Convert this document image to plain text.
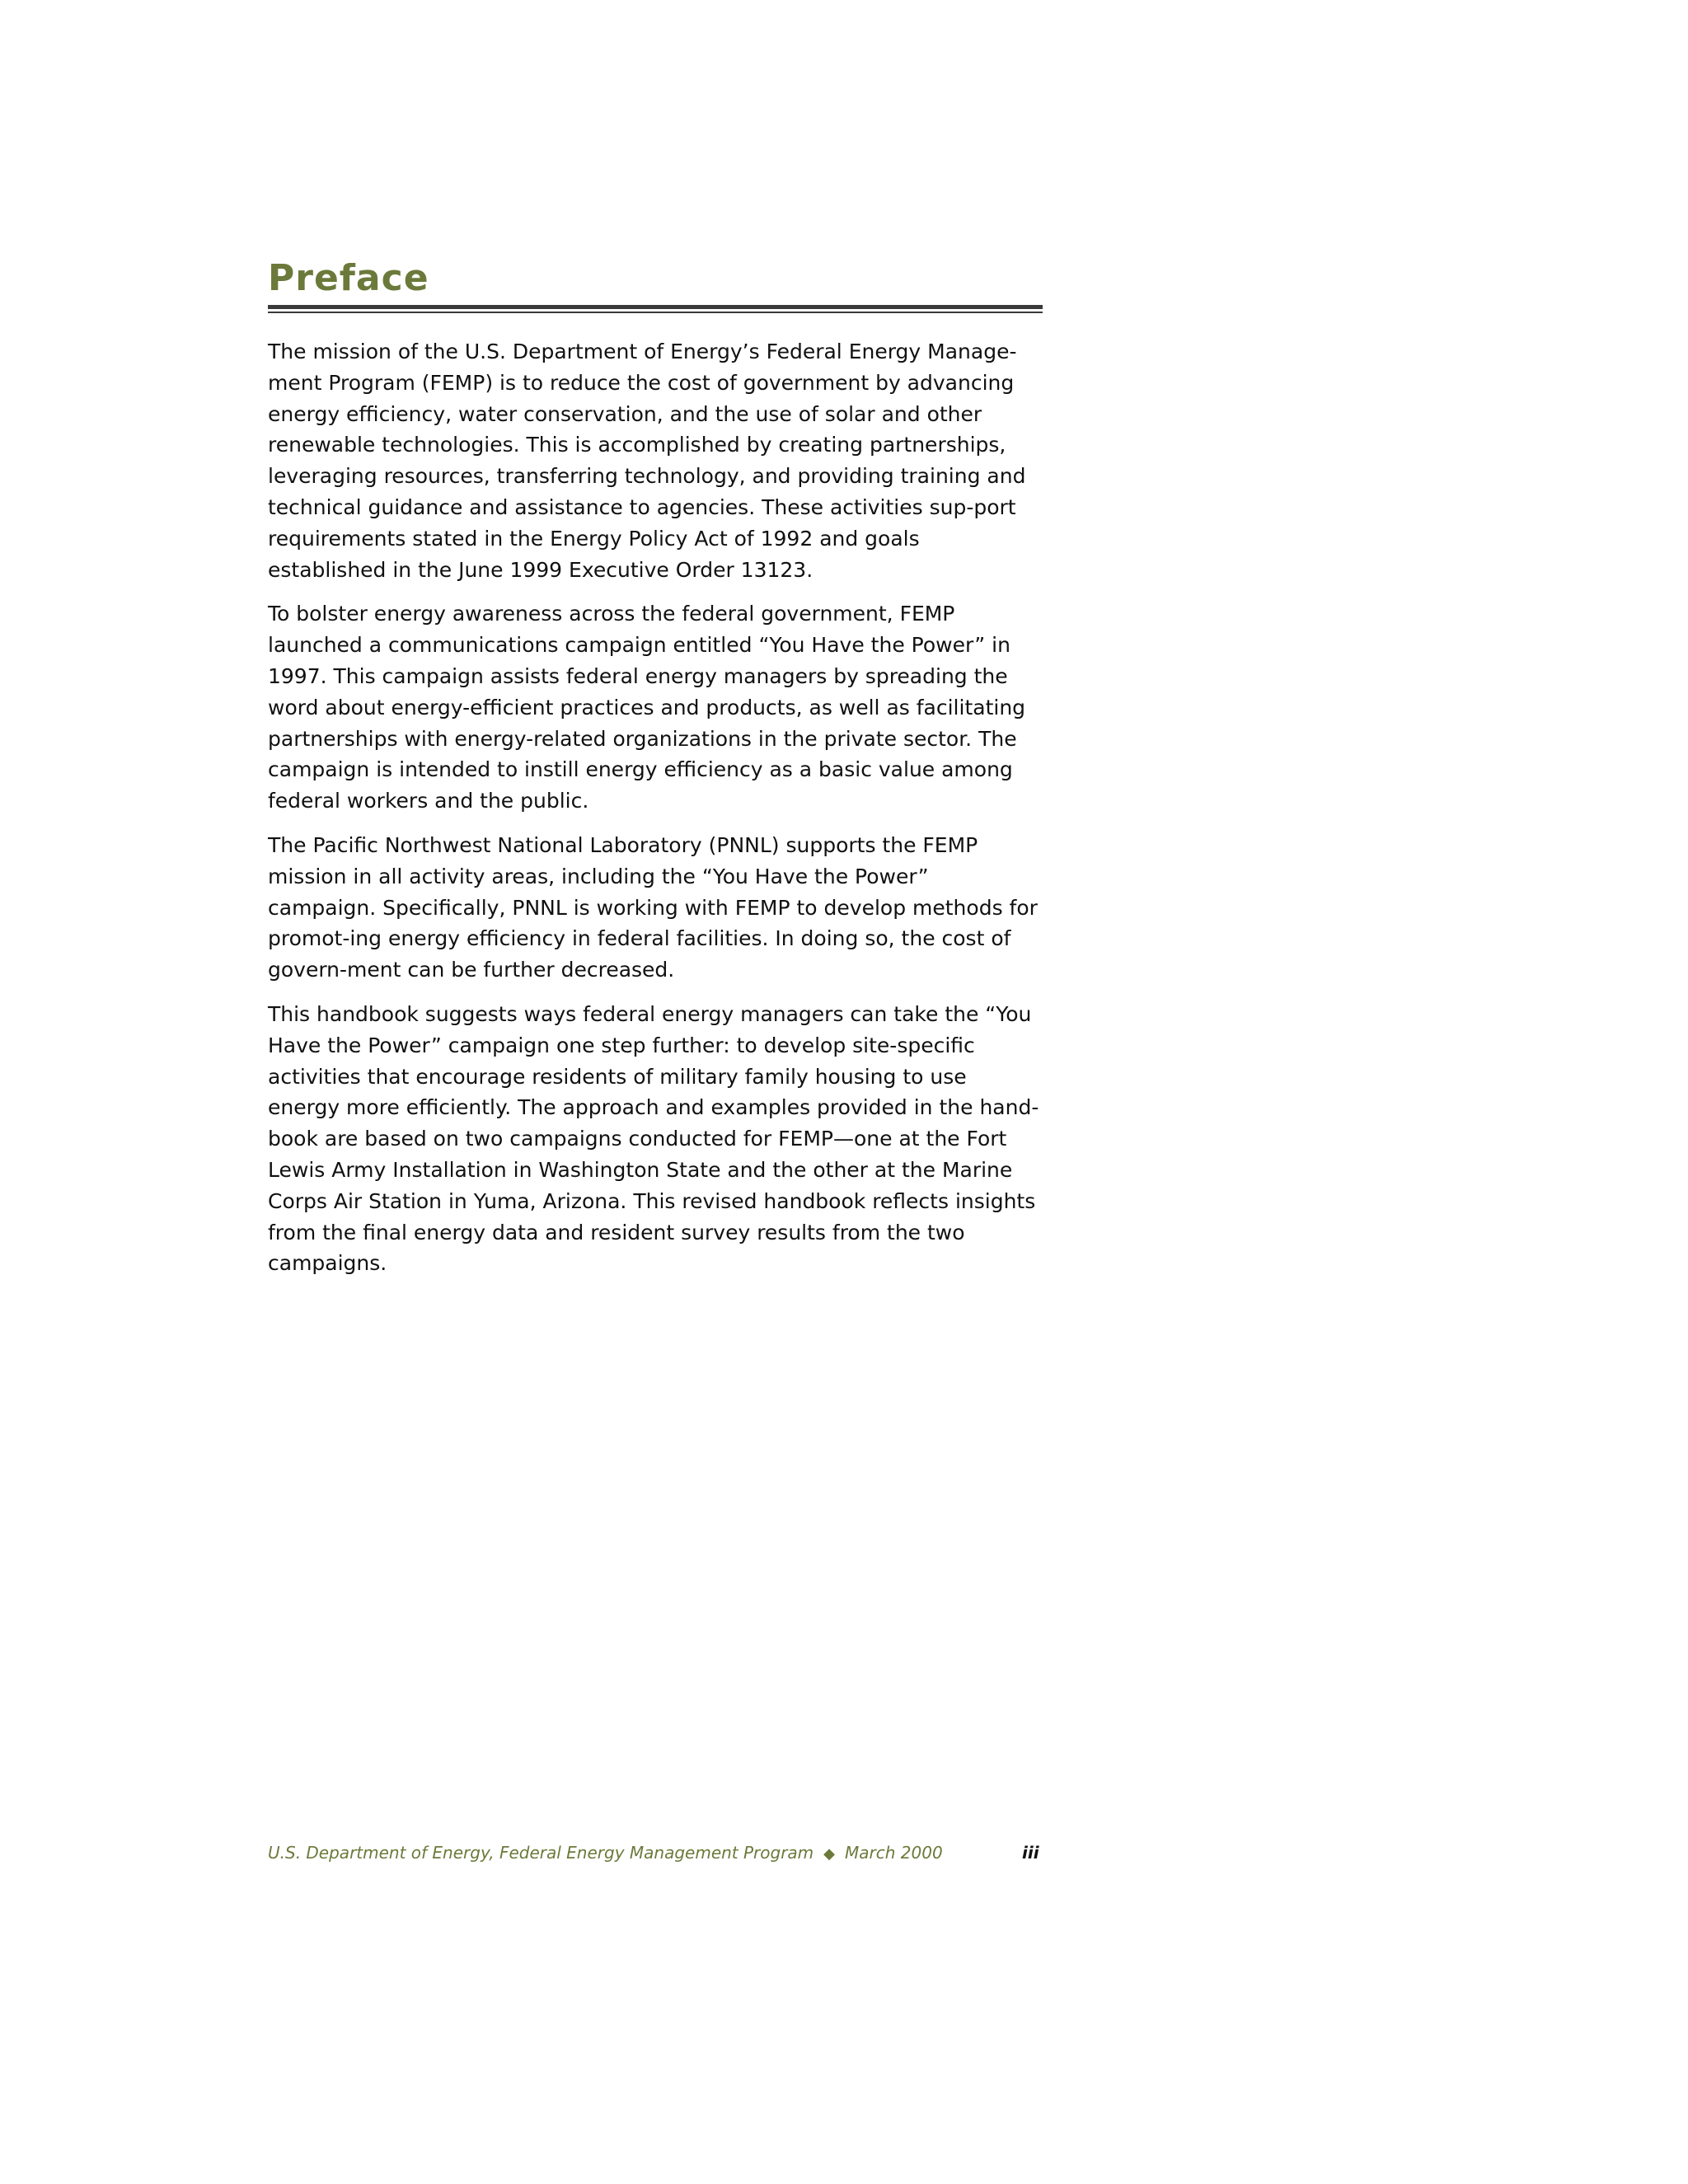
Preface

The mission of the U.S. Department of Energy’s Federal Energy Manage-ment Program (FEMP) is to reduce the cost of government by advancing energy efficiency, water conservation, and the use of solar and other renewable technologies. This is accomplished by creating partnerships, leveraging resources, transferring technology, and providing training and technical guidance and assistance to agencies. These activities sup-port requirements stated in the Energy Policy Act of 1992 and goals established in the June 1999 Executive Order 13123.

To bolster energy awareness across the federal government, FEMP launched a communications campaign entitled “You Have the Power” in 1997. This campaign assists federal energy managers by spreading the word about energy-efficient practices and products, as well as facilitating partnerships with energy-related organizations in the private sector. The campaign is intended to instill energy efficiency as a basic value among federal workers and the public.

The Pacific Northwest National Laboratory (PNNL) supports the FEMP mission in all activity areas, including the “You Have the Power” campaign. Specifically, PNNL is working with FEMP to develop methods for promot-ing energy efficiency in federal facilities. In doing so, the cost of govern-ment can be further decreased.

This handbook suggests ways federal energy managers can take the “You Have the Power” campaign one step further: to develop site-specific activities that encourage residents of military family housing to use energy more efficiently. The approach and examples provided in the hand-book are based on two campaigns conducted for FEMP—one at the Fort Lewis Army Installation in Washington State and the other at the Marine Corps Air Station in Yuma, Arizona. This revised handbook reflects insights from the final energy data and resident survey results from the two campaigns.

U.S. Department of Energy, Federal Energy Management Program ◆ March 2000	iii
